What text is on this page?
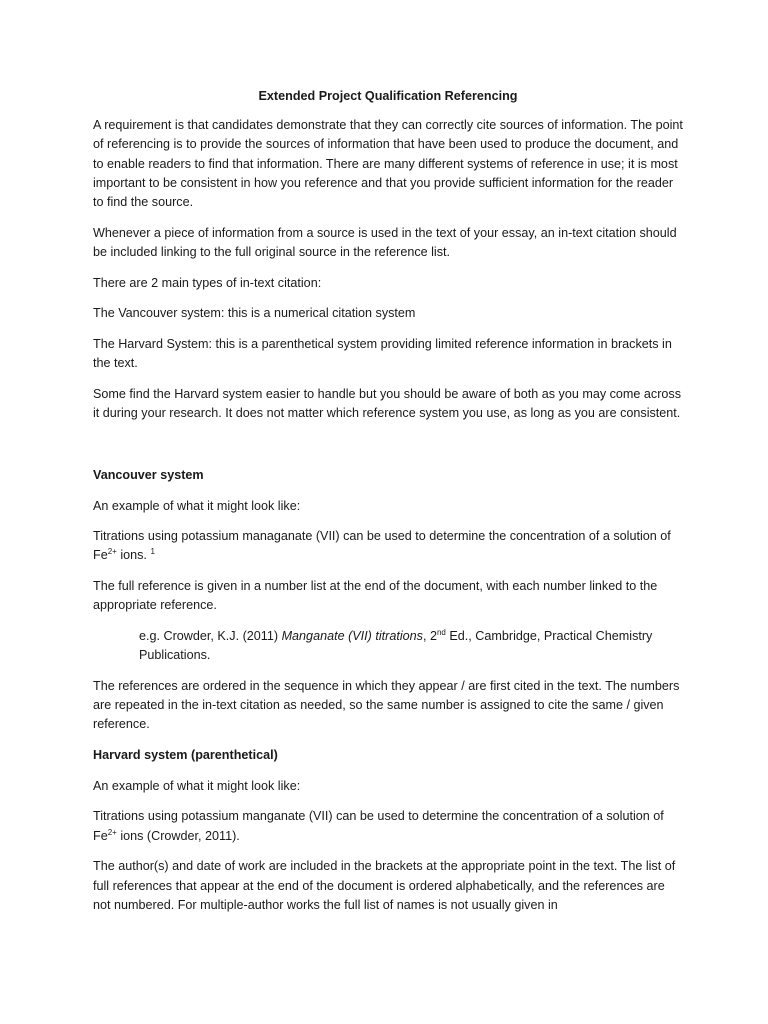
Extended Project Qualification Referencing

A requirement is that candidates demonstrate that they can correctly cite sources of information. The point of referencing is to provide the sources of information that have been used to produce the document, and to enable readers to find that information. There are many different systems of reference in use; it is most important to be consistent in how you reference and that you provide sufficient information for the reader to find the source.

Whenever a piece of information from a source is used in the text of your essay, an in-text citation should be included linking to the full original source in the reference list.

There are 2 main types of in-text citation:

The Vancouver system: this is a numerical citation system

The Harvard System: this is a parenthetical system providing limited reference information in brackets in the text.

Some find the Harvard system easier to handle but you should be aware of both as you may come across it during your research. It does not matter which reference system you use, as long as you are consistent.

Vancouver system

An example of what it might look like:

Titrations using potassium managanate (VII) can be used to determine the concentration of a solution of $Fe^{2+}$ ions. $^1$

The full reference is given in a number list at the end of the document, with each number linked to the appropriate reference.

e.g. Crowder, K.J. (2011) Manganate (VII) titrations, 2nd Ed., Cambridge, Practical Chemistry Publications.

The references are ordered in the sequence in which they appear / are first cited in the text. The numbers are repeated in the in-text citation as needed, so the same number is assigned to cite the same / given reference.

Harvard system (parenthetical)

An example of what it might look like:

Titrations using potassium manganate (VII) can be used to determine the concentration of a solution of $Fe^{2+}$ ions (Crowder, 2011).

The author(s) and date of work are included in the brackets at the appropriate point in the text. The list of full references that appear at the end of the document is ordered alphabetically, and the references are not numbered. For multiple-author works the full list of names is not usually given in
